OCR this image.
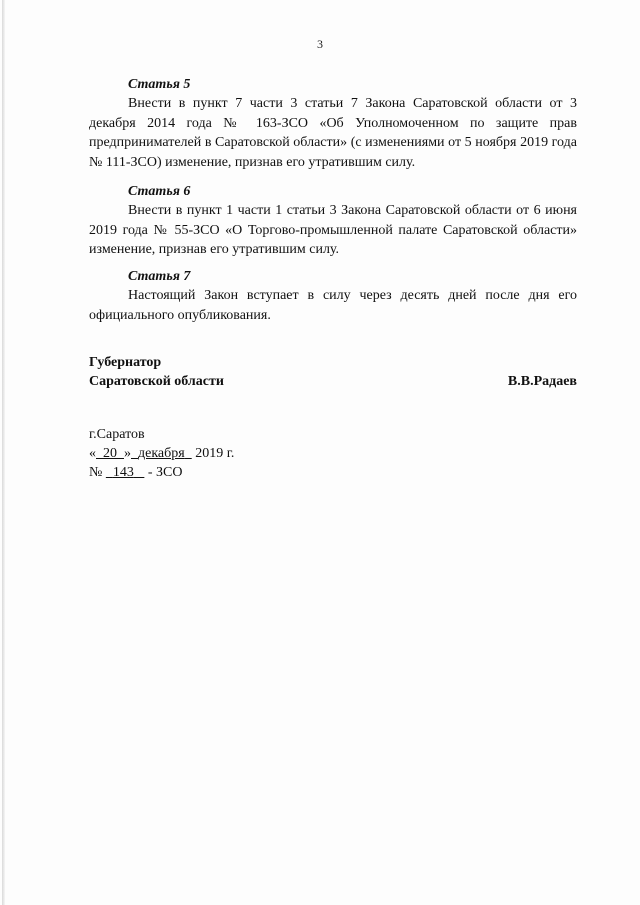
3
Статья 5

Внести в пункт 7 части 3 статьи 7 Закона Саратовской области от 3 декабря 2014 года № 163-ЗСО «Об Уполномоченном по защите прав предпринимателей в Саратовской области» (с изменениями от 5 ноября 2019 года № 111-ЗСО) изменение, признав его утратившим силу.

Статья 6

Внести в пункт 1 части 1 статьи 3 Закона Саратовской области от 6 июня 2019 года № 55-ЗСО «О Торгово-промышленной палате Саратовской области» изменение, признав его утратившим силу.

Статья 7

Настоящий Закон вступает в силу через десять дней после дня его официального опубликования.

Губернатор
Саратовской области	В.В.Радаев
г.Саратов
« 20 » декабря 2019 г.
№ 143 - ЗСО
